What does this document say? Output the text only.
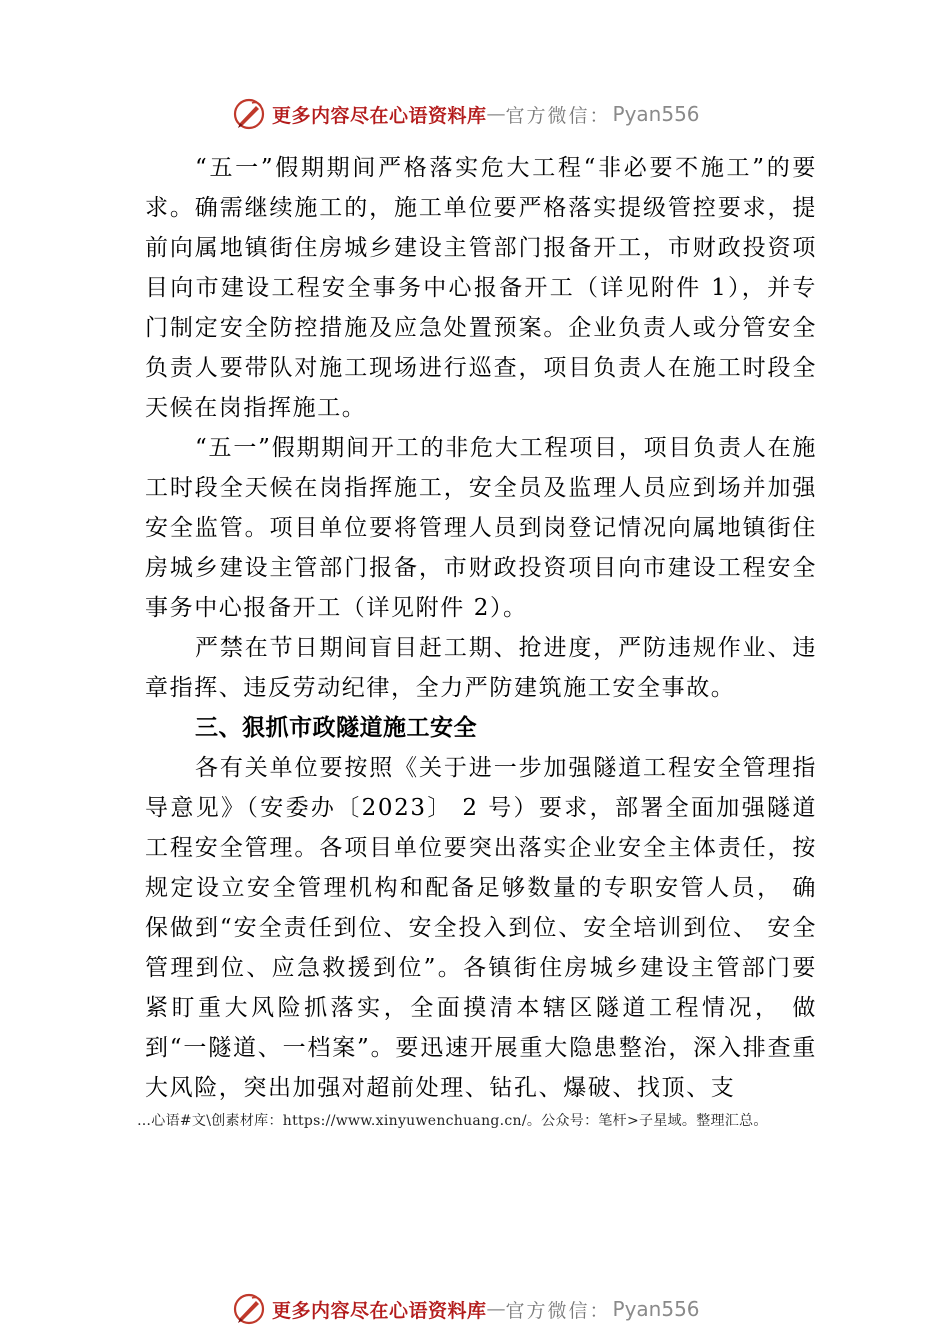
更多内容尽在心语资料库 — 官方微信： Pyan556

“五一”假期期间严格落实危大工程“非必要不施工”的要求。确需继续施工的，施工单位要严格落实提级管控要求，提前向属地镇街住房城乡建设主管部门报备开工，市财政投资项目向市建设工程安全事务中心报备开工（详见附件 1），并专门制定安全防控措施及应急处置预案。企业负责人或分管安全负责人要带队对施工现场进行巡查，项目负责人在施工时段全天候在岗指挥施工。

“五一”假期期间开工的非危大工程项目，项目负责人在施工时段全天候在岗指挥施工，安全员及监理人员应到场并加强安全监管。项目单位要将管理人员到岗登记情况向属地镇街住房城乡建设主管部门报备，市财政投资项目向市建设工程安全事务中心报备开工（详见附件 2）。

严禁在节日期间盲目赶工期、抢进度，严防违规作业、违章指挥、违反劳动纪律，全力严防建筑施工安全事故。

三、狠抓市政隧道施工安全

各有关单位要按照《关于进一步加强隧道工程安全管理指导意见》（安委办〔2023〕 2 号）要求，部署全面加强隧道工程安全管理。各项目单位要突出落实企业安全主体责任，按规定设立安全管理机构和配备足够数量的专职安管人员， 确保做到“安全责任到位、安全投入到位、安全培训到位、 安全管理到位、应急救援到位”。各镇街住房城乡建设主管部门要紧盯重大风险抓落实，全面摸清本辖区隧道工程情况， 做到“一隧道、一档案”。要迅速开展重大隐患整治，深入排查重大风险，突出加强对超前处理、钻孔、爆破、找顶、支

…心语#文\创素材库：https://www.xinyuwenchuang.cn/。公众号：笔杆>子星域。整理汇总。
更多内容尽在心语资料库 — 官方微信： Pyan556
